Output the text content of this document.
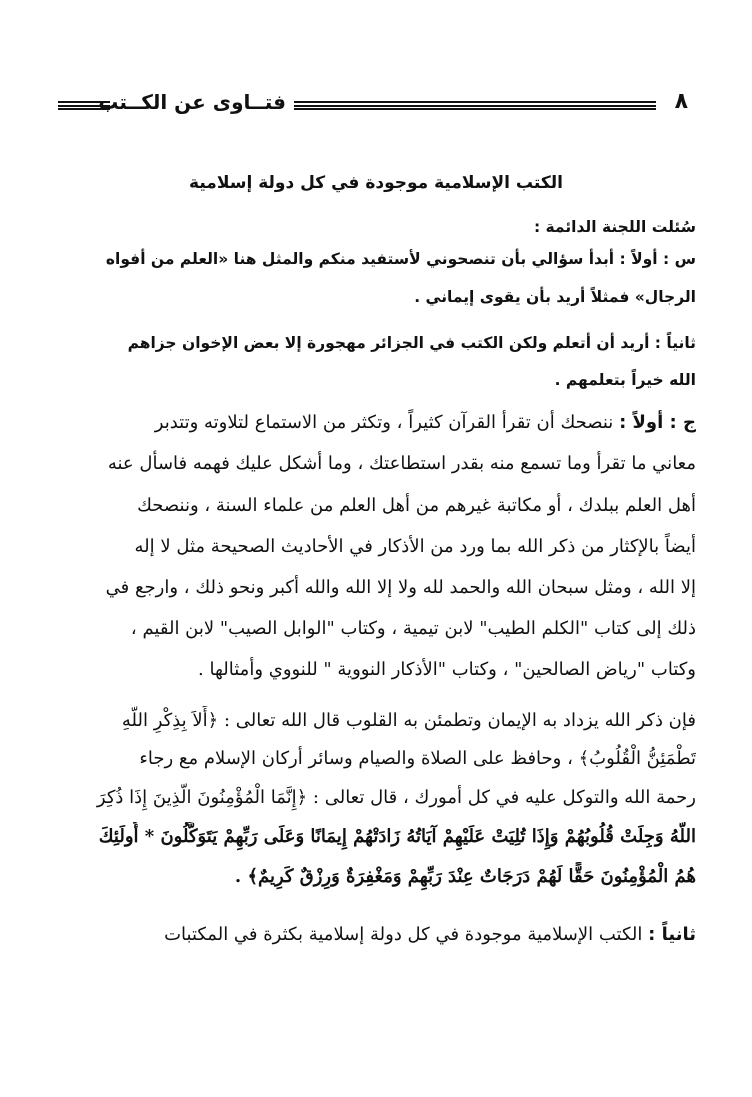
فتــاوى عن الكــتب	٨
الكتب الإسلامية موجودة في كل دولة إسلامية

سُئلت اللجنة الدائمة :

س : أولاً : أبدأ سؤالي بأن تنصحوني لأستفيد منكم والمثل هنا «العلم من أفواه

الرجال» فمثلاً أريد بأن يقوى إيماني .

ثانياً : أريد أن أتعلم ولكن الكتب في الجزائر مهجورة إلا بعض الإخوان جزاهم

الله خيراً بتعلمهم .

ج : أولاً : ننصحك أن تقرأ القرآن كثيراً ، وتكثر من الاستماع لتلاوته وتتدبر

معاني ما تقرأ وما تسمع منه بقدر استطاعتك ، وما أشكل عليك فهمه فاسأل عنه

أهل العلم ببلدك ، أو مكاتبة غيرهم من أهل العلم من علماء السنة ، وننصحك

أيضاً بالإكثار من ذكر الله بما ورد من الأذكار في الأحاديث الصحيحة مثل لا إله

إلا الله ، ومثل سبحان الله والحمد لله ولا إلا الله والله أكبر ونحو ذلك ، وارجع في

ذلك إلى كتاب "الكلم الطيب" لابن تيمية ، وكتاب "الوابل الصيب" لابن القيم ،

وكتاب "رياض الصالحين" ، وكتاب "الأذكار النووية " للنووي وأمثالها .

فإن ذكر الله يزداد به الإيمان وتطمئن به القلوب قال الله تعالى : ﴿أَلاَ بِذِكْرِ اللَّهِ

تَطْمَئِنُّ الْقُلُوبُ﴾ ، وحافظ على الصلاة والصيام وسائر أركان الإسلام مع رجاء

رحمة الله والتوكل عليه في كل أمورك ، قال تعالى : ﴿إِنَّمَا الْمُؤْمِنُونَ الَّذِينَ إِذَا ذُكِرَ

اللَّهُ وَجِلَتْ قُلُوبُهُمْ وَإِذَا تُلِيَتْ عَلَيْهِمْ آيَاتُهُ زَادَتْهُمْ إِيمَانًا وَعَلَى رَبِّهِمْ يَتَوَكَّلُونَ * أُولَئِكَ

هُمُ الْمُؤْمِنُونَ حَقًّا لَهُمْ دَرَجَاتٌ عِنْدَ رَبِّهِمْ وَمَغْفِرَةٌ وَرِزْقٌ كَرِيمٌ﴾ .

ثانياً : الكتب الإسلامية موجودة في كل دولة إسلامية بكثرة في المكتبات
